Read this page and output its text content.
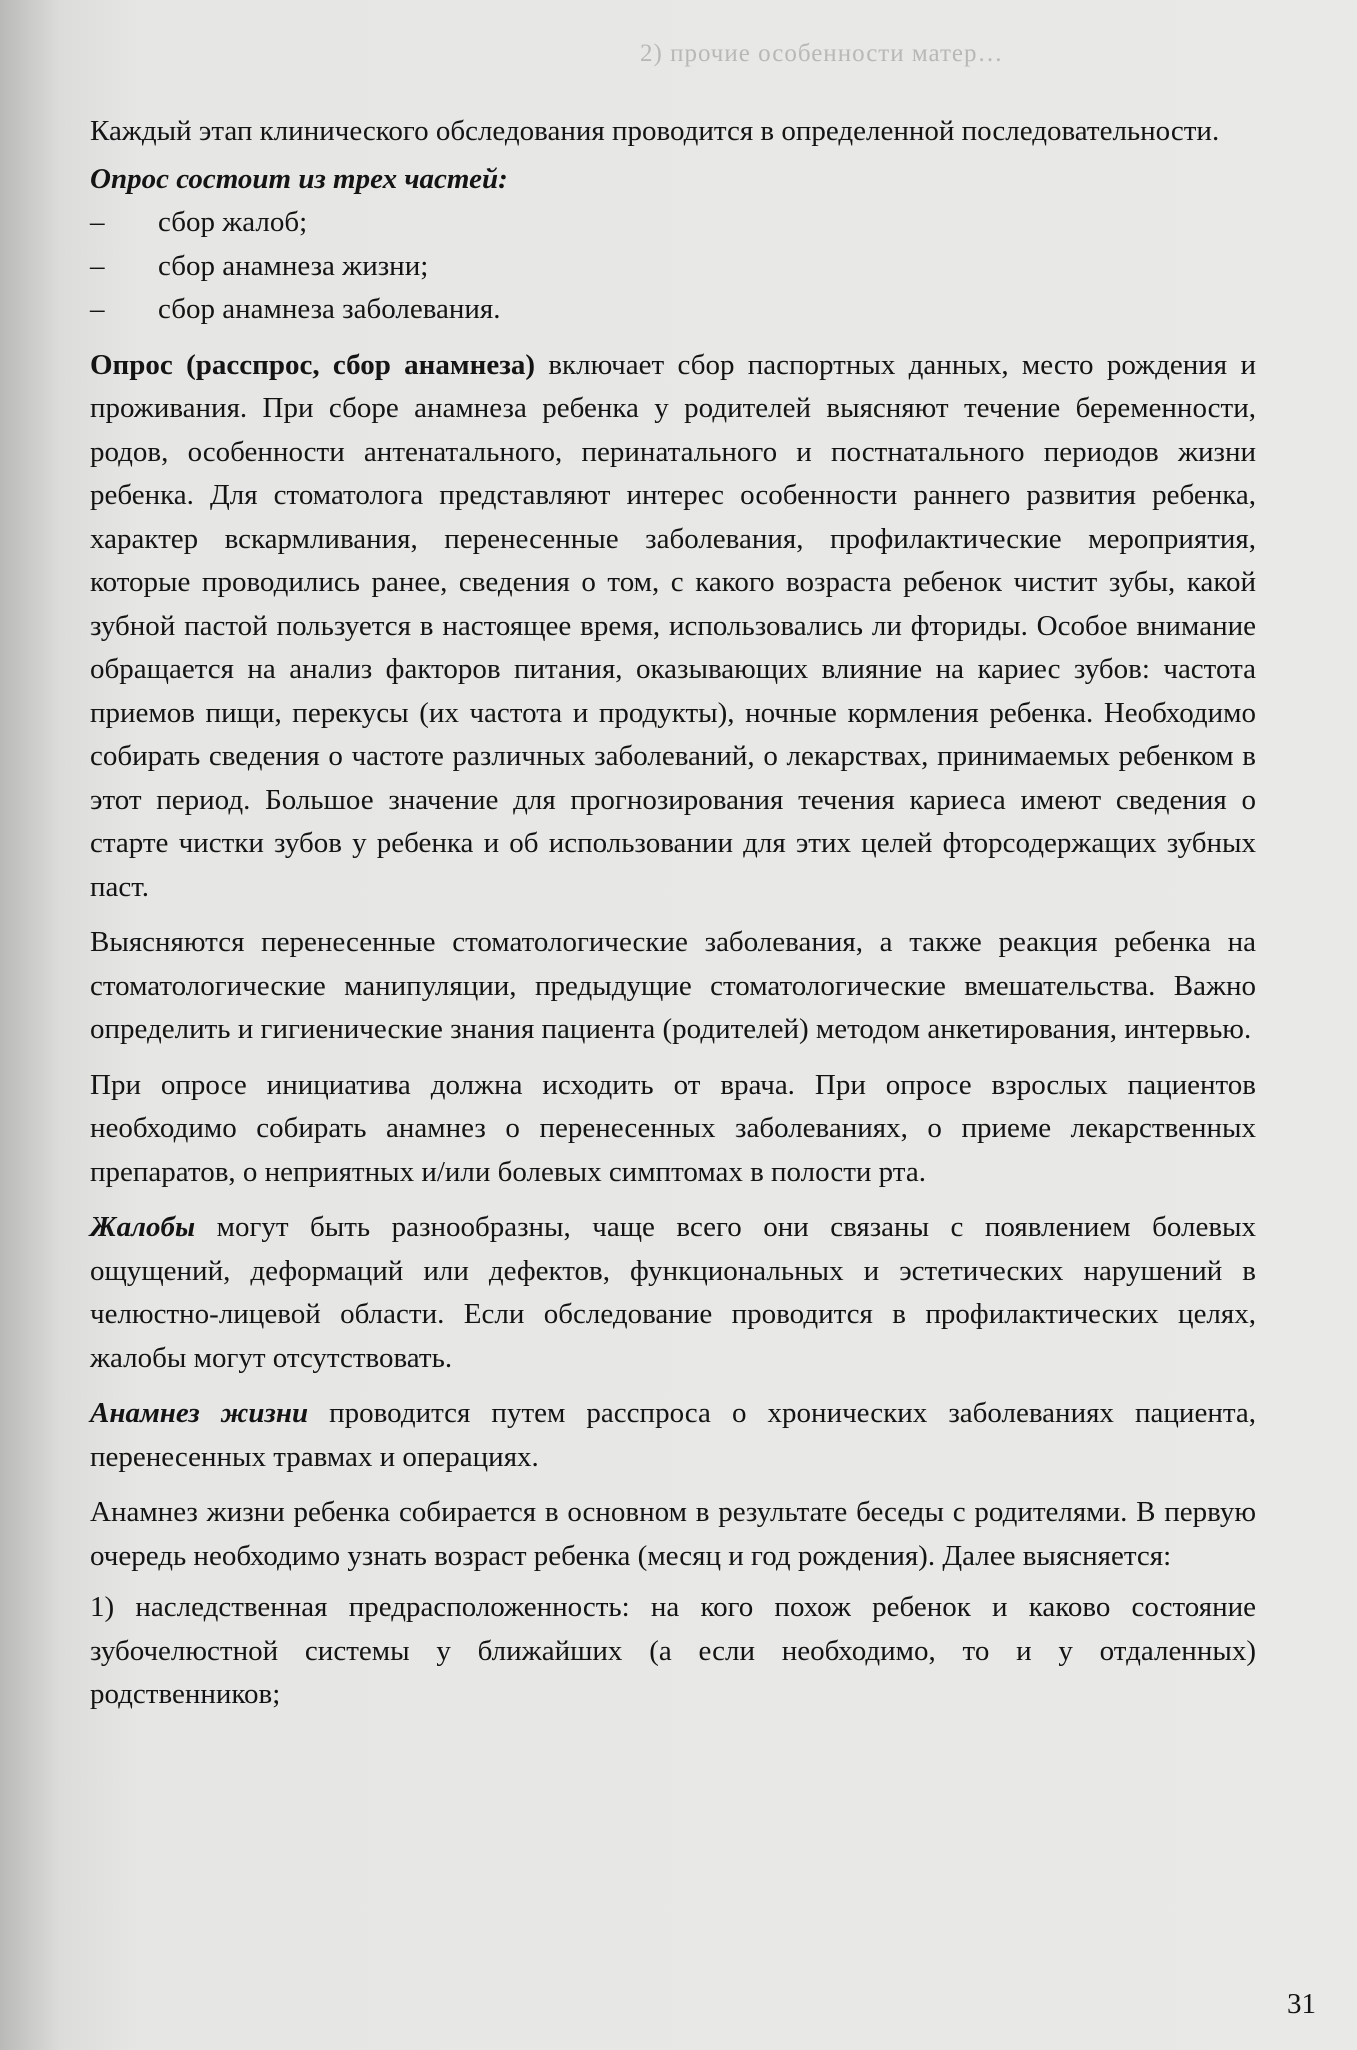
2) прочие особенности матер…

Каждый этап клинического обследования проводится в определенной последовательности.

Опрос состоит из трех частей:

– сбор жалоб;
– сбор анамнеза жизни;
– сбор анамнеза заболевания.

Опрос (расспрос, сбор анамнеза) включает сбор паспортных данных, место рождения и проживания. При сборе анамнеза ребенка у родителей выясняют течение беременности, родов, особенности антенатального, перинатального и постнатального периодов жизни ребенка. Для стоматолога представляют интерес особенности раннего развития ребенка, характер вскармливания, перенесенные заболевания, профилактические мероприятия, которые проводились ранее, сведения о том, с какого возраста ребенок чистит зубы, какой зубной пастой пользуется в настоящее время, использовались ли фториды. Особое внимание обращается на анализ факторов питания, оказывающих влияние на кариес зубов: частота приемов пищи, перекусы (их частота и продукты), ночные кормления ребенка. Необходимо собирать сведения о частоте различных заболеваний, о лекарствах, принимаемых ребенком в этот период. Большое значение для прогнозирования течения кариеса имеют сведения о старте чистки зубов у ребенка и об использовании для этих целей фторсодержащих зубных паст.

Выясняются перенесенные стоматологические заболевания, а также реакция ребенка на стоматологические манипуляции, предыдущие стоматологические вмешательства. Важно определить и гигиенические знания пациента (родителей) методом анкетирования, интервью.

При опросе инициатива должна исходить от врача. При опросе взрослых пациентов необходимо собирать анамнез о перенесенных заболеваниях, о приеме лекарственных препаратов, о неприятных и/или болевых симптомах в полости рта.

Жалобы могут быть разнообразны, чаще всего они связаны с появлением болевых ощущений, деформаций или дефектов, функциональных и эстетических нарушений в челюстно-лицевой области. Если обследование проводится в профилактических целях, жалобы могут отсутствовать.

Анамнез жизни проводится путем расспроса о хронических заболеваниях пациента, перенесенных травмах и операциях.

Анамнез жизни ребенка собирается в основном в результате беседы с родителями. В первую очередь необходимо узнать возраст ребенка (месяц и год рождения). Далее выясняется:

1) наследственная предрасположенность: на кого похож ребенок и каково состояние зубочелюстной системы у ближайших (а если необходимо, то и у отдаленных) родственников;

31
